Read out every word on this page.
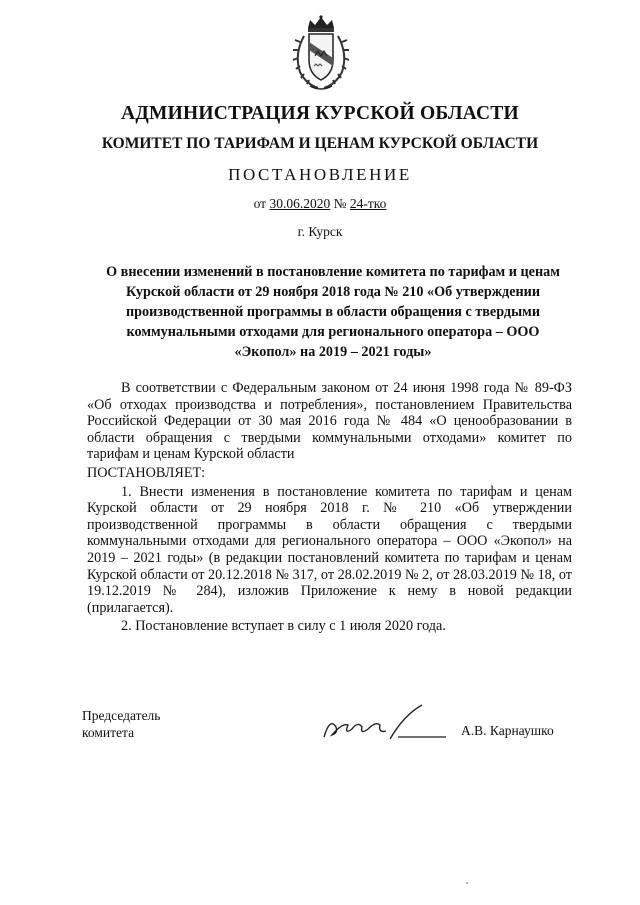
АДМИНИСТРАЦИЯ КУРСКОЙ ОБЛАСТИ
КОМИТЕТ ПО ТАРИФАМ И ЦЕНАМ КУРСКОЙ ОБЛАСТИ
ПОСТАНОВЛЕНИЕ
от 30.06.2020 № 24-тко
г. Курск
О внесении изменений в постановление комитета по тарифам и ценам Курской области от 29 ноября 2018 года № 210 «Об утверждении производственной программы в области обращения с твердыми коммунальными отходами для регионального оператора – ООО «Экопол» на 2019 – 2021 годы»

В соответствии с Федеральным законом от 24 июня 1998 года № 89-ФЗ «Об отходах производства и потребления», постановлением Правительства Российской Федерации от 30 мая 2016 года № 484 «О ценообразовании в области обращения с твердыми коммунальными отходами» комитет по тарифам и ценам Курской области

ПОСТАНОВЛЯЕТ:

1. Внести изменения в постановление комитета по тарифам и ценам Курской области от 29 ноября 2018 г. № 210 «Об утверждении производственной программы в области обращения с твердыми коммунальными отходами для регионального оператора – ООО «Экопол» на 2019 – 2021 годы» (в редакции постановлений комитета по тарифам и ценам Курской области от 20.12.2018 № 317, от 28.02.2019 № 2, от 28.03.2019 № 18, от 19.12.2019 № 284), изложив Приложение к нему в новой редакции (прилагается).

2. Постановление вступает в силу с 1 июля 2020 года.

Председатель
комитета	А.В. Карнаушко
